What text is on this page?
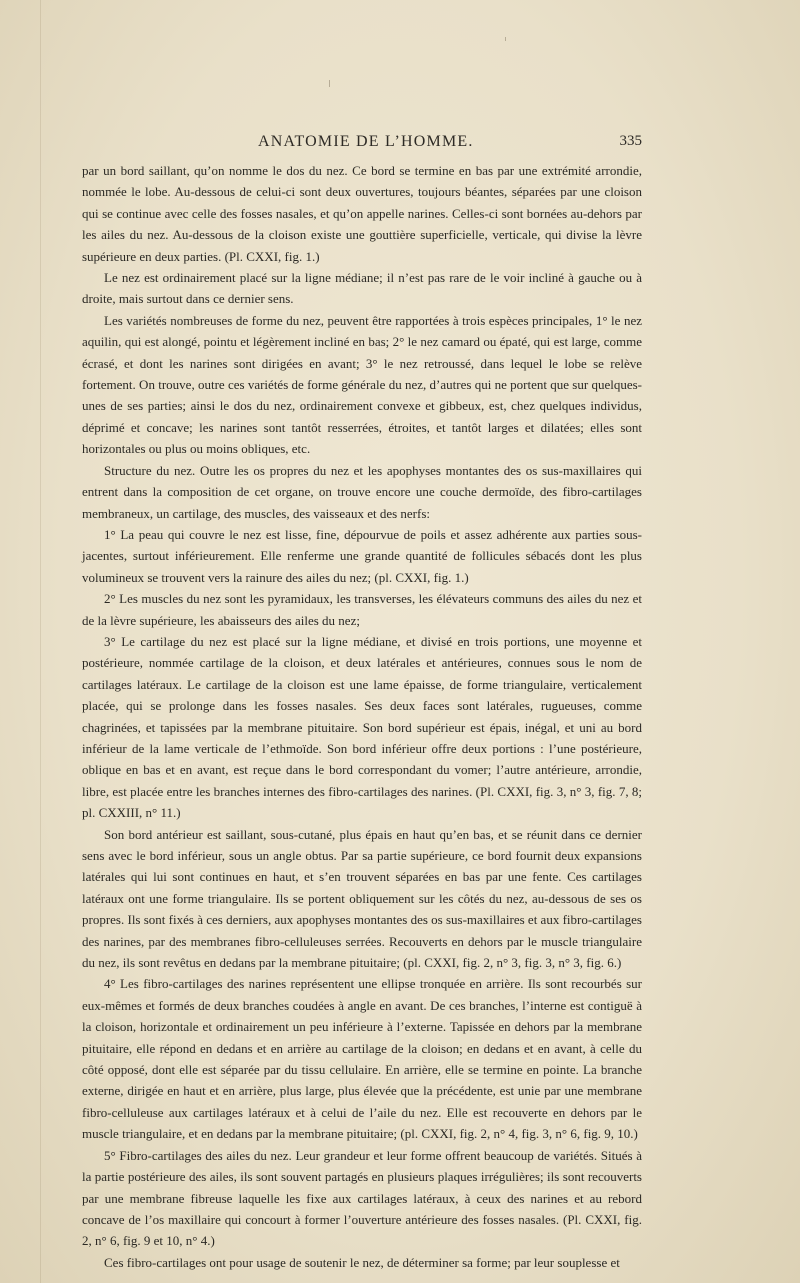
ANATOMIE DE L’HOMME.	335

par un bord saillant, qu’on nomme le dos du nez. Ce bord se termine en bas par une extrémité arrondie, nommée le lobe. Au-dessous de celui-ci sont deux ouvertures, toujours béantes, séparées par une cloison qui se continue avec celle des fosses nasales, et qu’on appelle narines. Celles-ci sont bornées au-dehors par les ailes du nez. Au-dessous de la cloison existe une gouttière superficielle, verticale, qui divise la lèvre supérieure en deux parties. (Pl. CXXI, fig. 1.)

Le nez est ordinairement placé sur la ligne médiane; il n’est pas rare de le voir incliné à gauche ou à droite, mais surtout dans ce dernier sens.

Les variétés nombreuses de forme du nez, peuvent être rapportées à trois espèces principales, 1° le nez aquilin, qui est alongé, pointu et légèrement incliné en bas; 2° le nez camard ou épaté, qui est large, comme écrasé, et dont les narines sont dirigées en avant; 3° le nez retroussé, dans lequel le lobe se relève fortement. On trouve, outre ces variétés de forme générale du nez, d’autres qui ne portent que sur quelques-unes de ses parties; ainsi le dos du nez, ordinairement convexe et gibbeux, est, chez quelques individus, déprimé et concave; les narines sont tantôt resserrées, étroites, et tantôt larges et dilatées; elles sont horizontales ou plus ou moins obliques, etc.

Structure du nez. Outre les os propres du nez et les apophyses montantes des os sus-maxillaires qui entrent dans la composition de cet organe, on trouve encore une couche dermoïde, des fibro-cartilages membraneux, un cartilage, des muscles, des vaisseaux et des nerfs:

1° La peau qui couvre le nez est lisse, fine, dépourvue de poils et assez adhérente aux parties sous-jacentes, surtout inférieurement. Elle renferme une grande quantité de follicules sébacés dont les plus volumineux se trouvent vers la rainure des ailes du nez; (pl. CXXI, fig. 1.)

2° Les muscles du nez sont les pyramidaux, les transverses, les élévateurs communs des ailes du nez et de la lèvre supérieure, les abaisseurs des ailes du nez;

3° Le cartilage du nez est placé sur la ligne médiane, et divisé en trois portions, une moyenne et postérieure, nommée cartilage de la cloison, et deux latérales et antérieures, connues sous le nom de cartilages latéraux. Le cartilage de la cloison est une lame épaisse, de forme triangulaire, verticalement placée, qui se prolonge dans les fosses nasales. Ses deux faces sont latérales, rugueuses, comme chagrinées, et tapissées par la membrane pituitaire. Son bord supérieur est épais, inégal, et uni au bord inférieur de la lame verticale de l’ethmoïde. Son bord inférieur offre deux portions : l’une postérieure, oblique en bas et en avant, est reçue dans le bord correspondant du vomer; l’autre antérieure, arrondie, libre, est placée entre les branches internes des fibro-cartilages des narines. (Pl. CXXI, fig. 3, n° 3, fig. 7, 8; pl. CXXIII, n° 11.)

Son bord antérieur est saillant, sous-cutané, plus épais en haut qu’en bas, et se réunit dans ce dernier sens avec le bord inférieur, sous un angle obtus. Par sa partie supérieure, ce bord fournit deux expansions latérales qui lui sont continues en haut, et s’en trouvent séparées en bas par une fente. Ces cartilages latéraux ont une forme triangulaire. Ils se portent obliquement sur les côtés du nez, au-dessous de ses os propres. Ils sont fixés à ces derniers, aux apophyses montantes des os sus-maxillaires et aux fibro-cartilages des narines, par des membranes fibro-celluleuses serrées. Recouverts en dehors par le muscle triangulaire du nez, ils sont revêtus en dedans par la membrane pituitaire; (pl. CXXI, fig. 2, n° 3, fig. 3, n° 3, fig. 6.)

4° Les fibro-cartilages des narines représentent une ellipse tronquée en arrière. Ils sont recourbés sur eux-mêmes et formés de deux branches coudées à angle en avant. De ces branches, l’interne est contiguë à la cloison, horizontale et ordinairement un peu inférieure à l’externe. Tapissée en dehors par la membrane pituitaire, elle répond en dedans et en arrière au cartilage de la cloison; en dedans et en avant, à celle du côté opposé, dont elle est séparée par du tissu cellulaire. En arrière, elle se termine en pointe. La branche externe, dirigée en haut et en arrière, plus large, plus élevée que la précédente, est unie par une membrane fibro-celluleuse aux cartilages latéraux et à celui de l’aile du nez. Elle est recouverte en dehors par le muscle triangulaire, et en dedans par la membrane pituitaire; (pl. CXXI, fig. 2, n° 4, fig. 3, n° 6, fig. 9, 10.)

5° Fibro-cartilages des ailes du nez. Leur grandeur et leur forme offrent beaucoup de variétés. Situés à la partie postérieure des ailes, ils sont souvent partagés en plusieurs plaques irrégulières; ils sont recouverts par une membrane fibreuse laquelle les fixe aux cartilages latéraux, à ceux des narines et au rebord concave de l’os maxillaire qui concourt à former l’ouverture antérieure des fosses nasales. (Pl. CXXI, fig. 2, n° 6, fig. 9 et 10, n° 4.)

Ces fibro-cartilages ont pour usage de soutenir le nez, de déterminer sa forme; par leur souplesse et
